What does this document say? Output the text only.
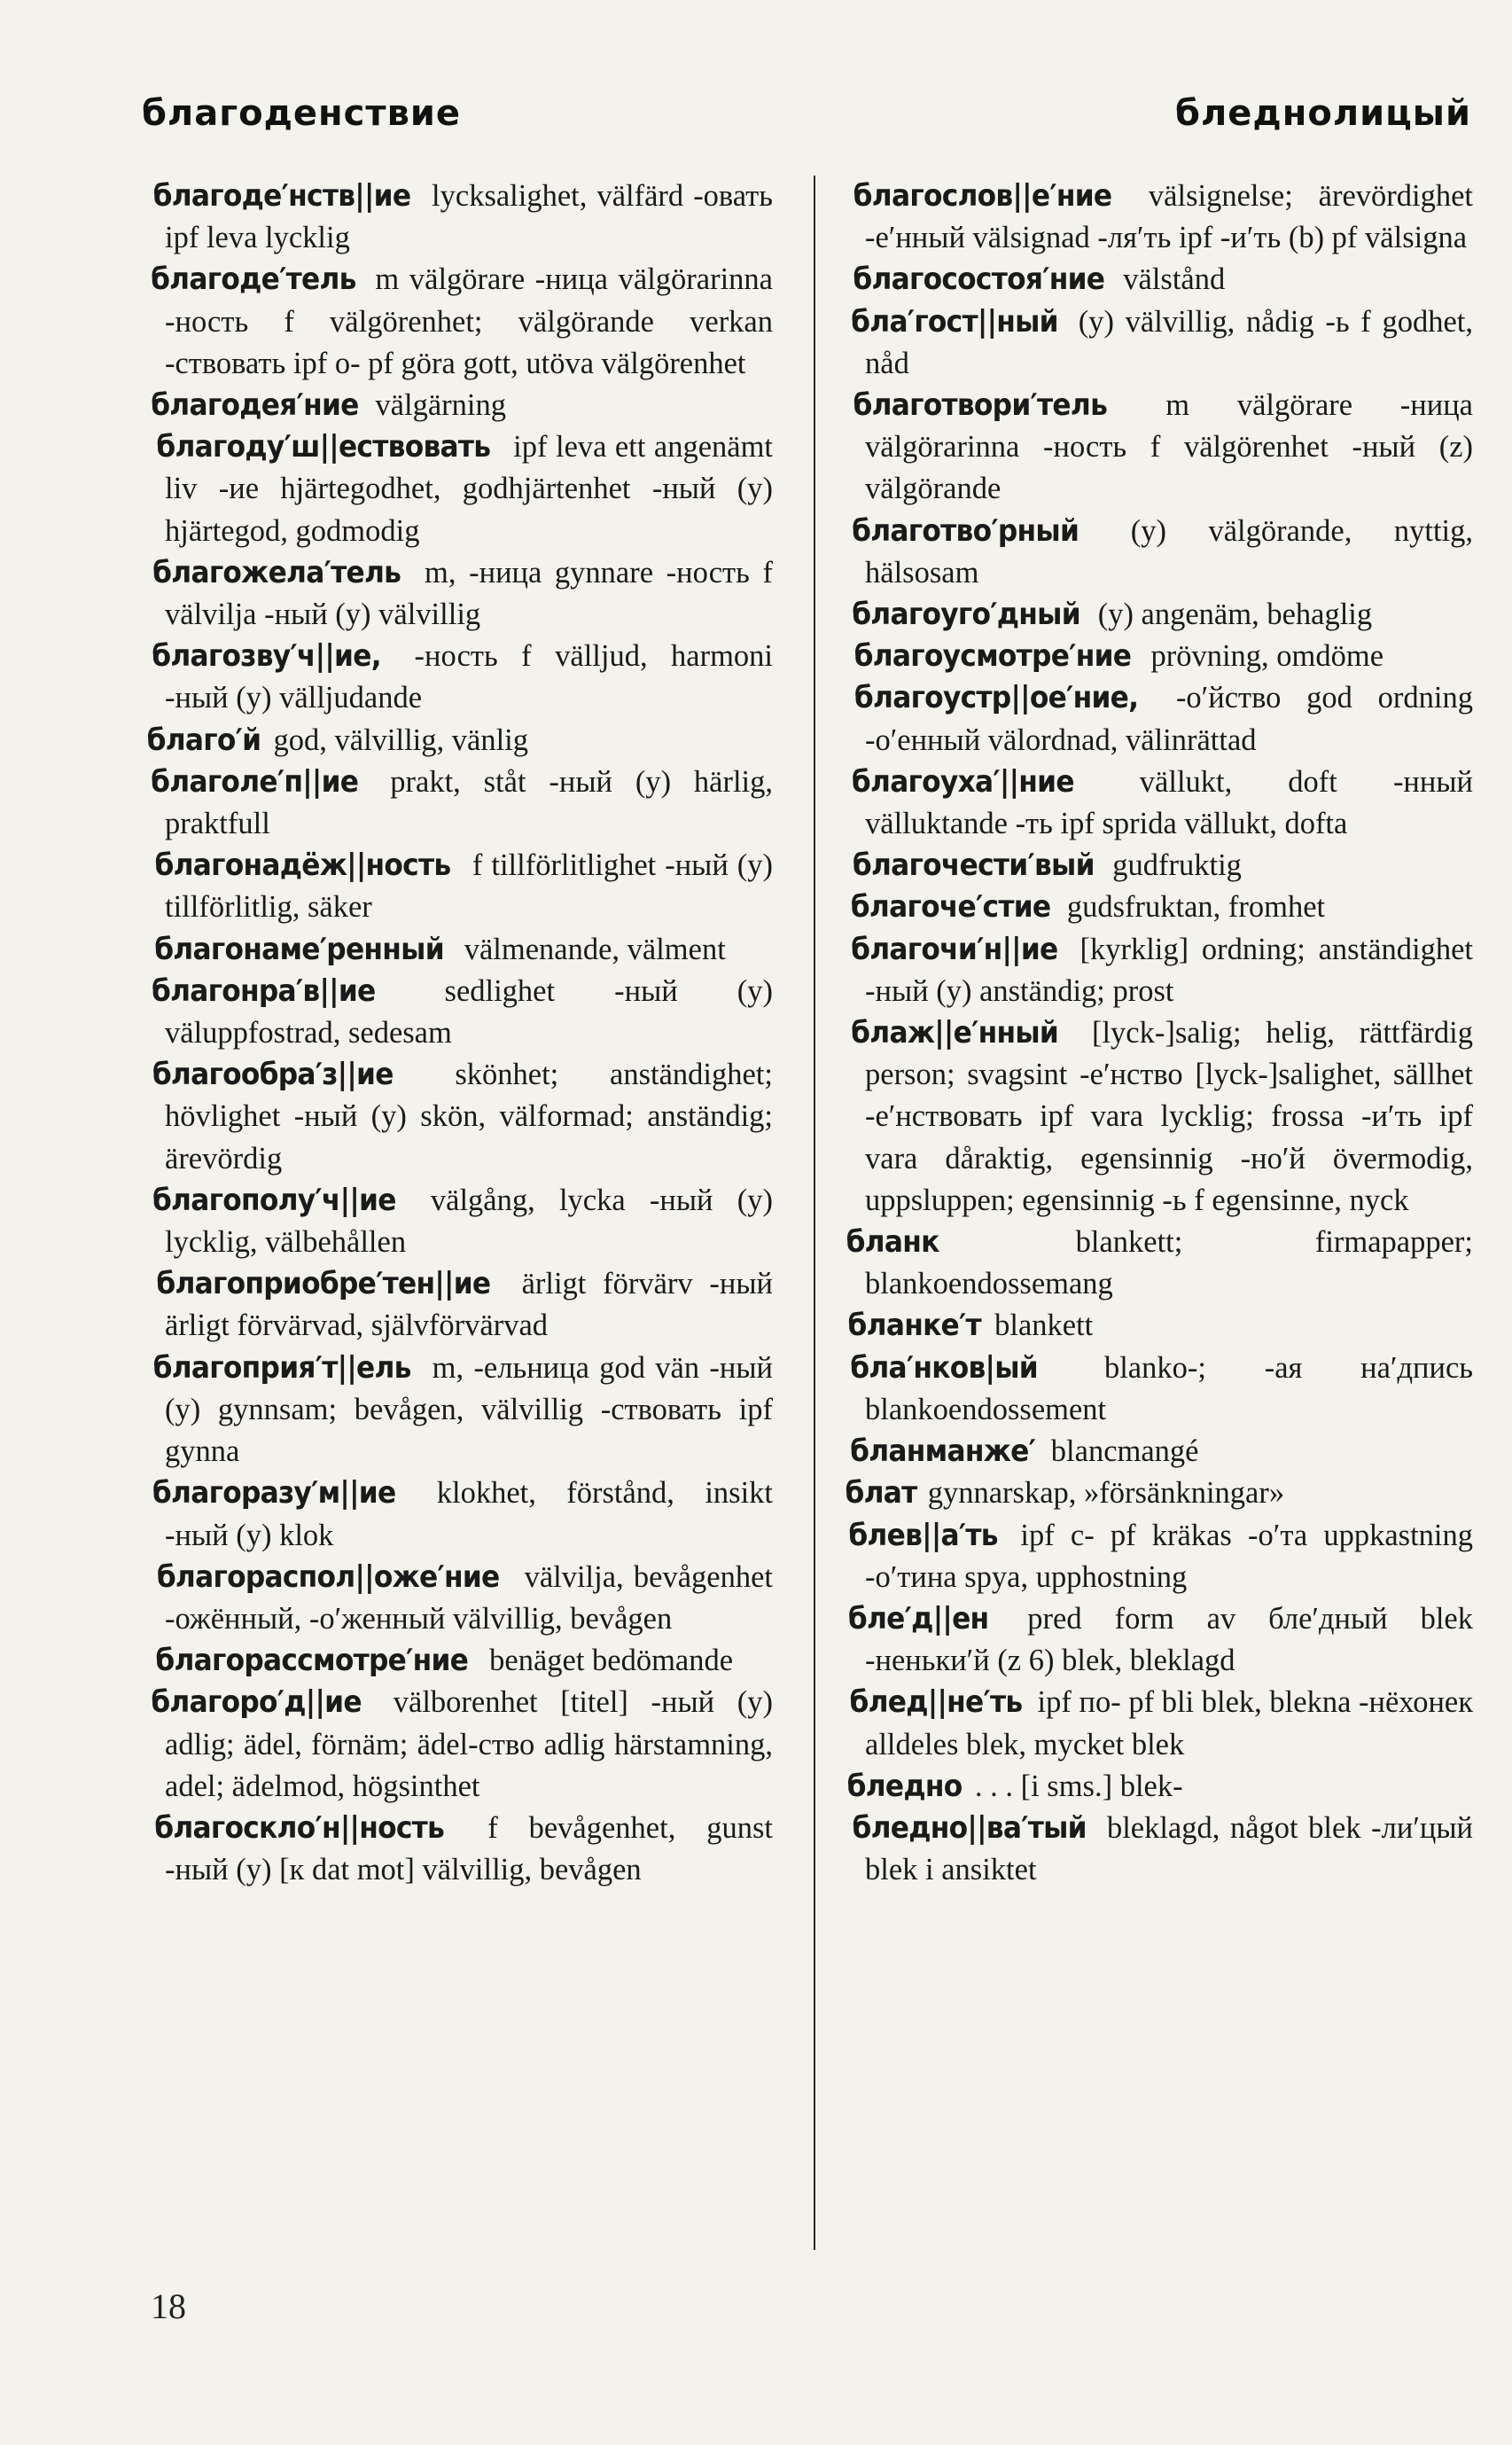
благоденствие	бледнолицый

благоде′нств||ие lycksalighet, välfärd -овать ipf leva lycklig

благоде′тель m välgörare -ница välgörarinna -ность f välgörenhet; välgörande verkan -ствовать ipf о- pf göra gott, utöva välgörenhet

благодея′ние välgärning

благоду′ш||ествовать ipf leva ett angenämt liv -ие hjärtegodhet, godhjärtenhet -ный (y) hjärtegod, godmodig

благожела′тель m, -ница gynnare -ность f välvilja -ный (y) välvillig

благозву′ч||ие, -ность f välljud, harmoni -ный (y) välljudande

благо′й god, välvillig, vänlig

благоле′п||ие prakt, ståt -ный (y) härlig, praktfull

благонадёж||ность f tillförlitlighet -ный (y) tillförlitlig, säker

благонаме′ренный välmenande, välment

благонра′в||ие sedlighet -ный (y) väluppfostrad, sedesam

благообра′з||ие skönhet; anständighet; hövlighet -ный (y) skön, välformad; anständig; ärevördig

благополу′ч||ие välgång, lycka -ный (y) lycklig, välbehållen

благоприобре′тен||ие ärligt förvärv -ный ärligt förvärvad, självförvärvad

благоприя′т||ель m, -ельница god vän -ный (y) gynnsam; bevågen, välvillig -ствовать ipf gynna

благоразу′м||ие klokhet, förstånd, insikt -ный (y) klok

благораспол||оже′ние välvilja, bevågenhet -ожённый, -о′женный välvillig, bevågen

благорассмотре′ние benäget bedömande

благоро′д||ие välborenhet [titel] -ный (y) adlig; ädel, förnäm; ädel-ство adlig härstamning, adel; ädelmod, högsinthet

благоскло′н||ность f bevågenhet, gunst -ный (y) [к dat mot] välvillig, bevågen

благослов||е′ние välsignelse; ärevördighet -е′нный välsignad -ля′ть ipf -и′ть (b) pf välsigna

благосостоя′ние välstånd

бла′гост||ный (y) välvillig, nådig -ь f godhet, nåd

благотвори′тель m välgörare -ница välgörarinna -ность f välgörenhet -ный (z) välgörande

благотво′рный (y) välgörande, nyttig, hälsosam

благоуго′дный (y) angenäm, behaglig

благоусмотре′ние prövning, omdöme

благоустр||ое′ние, -о′йство god ordning -о′енный välordnad, välinrättad

благоуха′||ние vällukt, doft -нный välluktande -ть ipf sprida vällukt, dofta

благочести′вый gudfruktig

благоче′стие gudsfruktan, fromhet

благочи′н||ие [kyrklig] ordning; anständighet -ный (y) anständig; prost

блаж||е′нный [lyck-]salig; helig, rättfärdig person; svagsint -е′нство [lyck-]salighet, sällhet -е′нствовать ipf vara lycklig; frossa -и′ть ipf vara dåraktig, egensinnig -но′й övermodig, uppsluppen; egensinnig -ь f egensinne, nyck

бланк blankett; firmapapper; blankoendossemang

бланке′т blankett

бла′нков|ый blanko-; -ая на′дпись blankoendossement

бланманже′ blancmangé

блат gynnarskap, »försänkningar»

блев||а′ть ipf с- pf kräkas -о′та uppkastning -о′тина spya, upphostning

бле′д||ен pred form av бле′дный blek -неньки′й (z 6) blek, bleklagd

блед||не′ть ipf по- pf bli blek, blekna -нёхонек alldeles blek, mycket blek

бледно . . . [i sms.] blek-

бледно||ва′тый bleklagd, något blek -ли′цый blek i ansiktet

18
